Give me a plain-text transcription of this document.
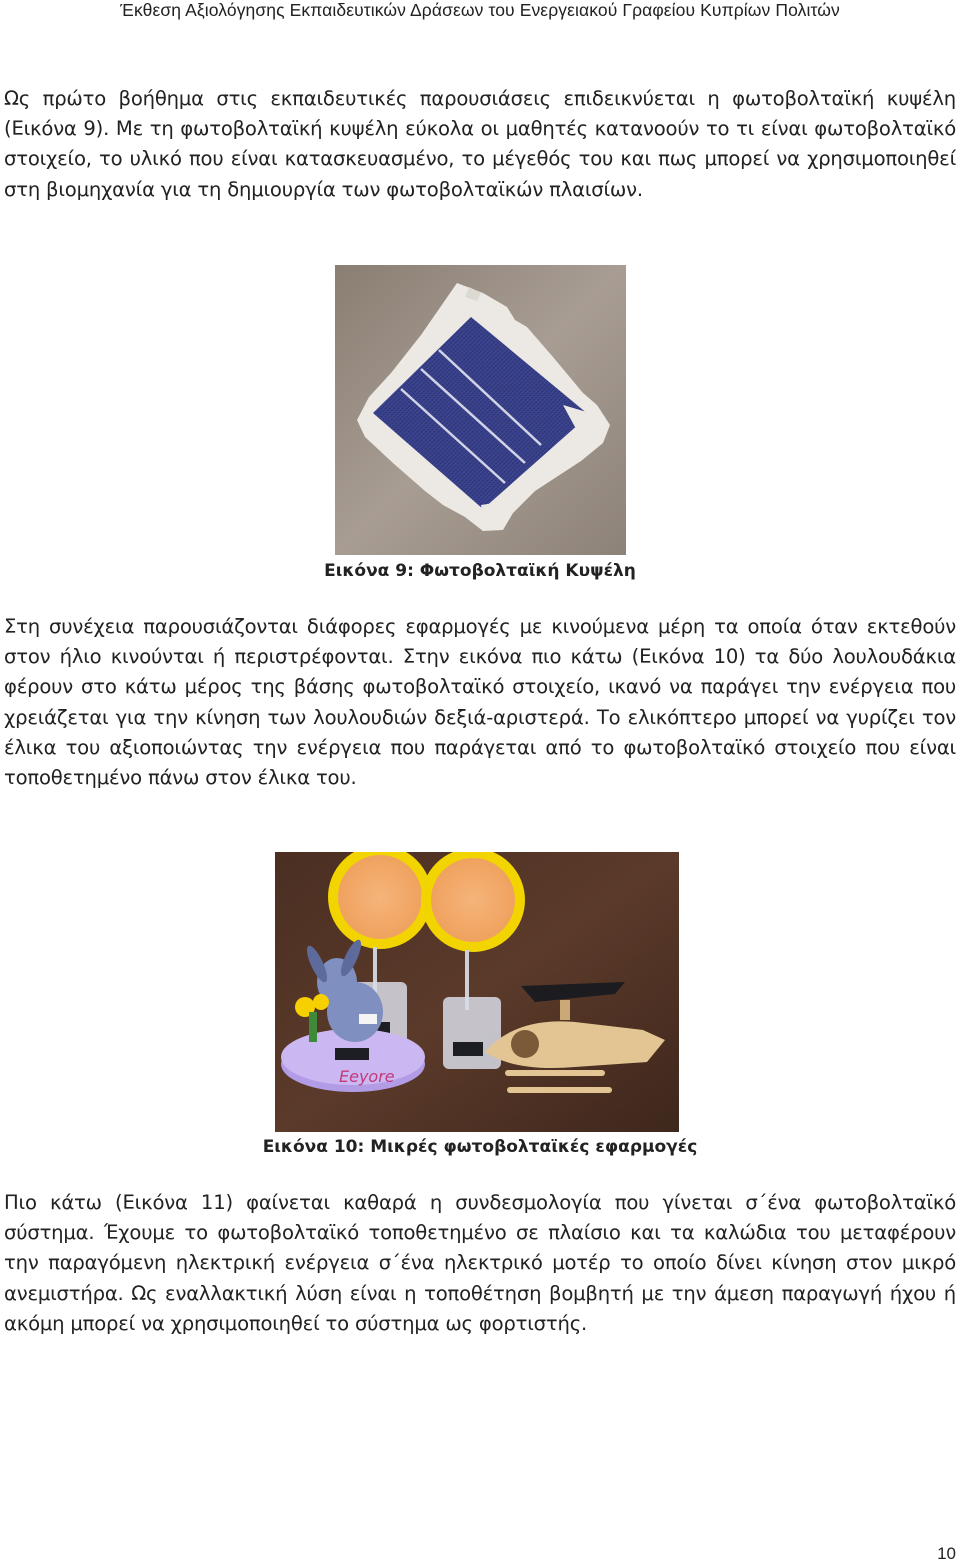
Έκθεση Αξιολόγησης Εκπαιδευτικών Δράσεων του Ενεργειακού Γραφείου Κυπρίων Πολιτών

Ως πρώτο βοήθημα στις εκπαιδευτικές παρουσιάσεις επιδεικνύεται η φωτοβολταϊκή κυψέλη (Εικόνα 9). Με τη φωτοβολταϊκή κυψέλη εύκολα οι μαθητές κατανοούν το τι είναι φωτοβολταϊκό στοιχείο, το υλικό που είναι κατασκευασμένο, το μέγεθός του και πως μπορεί να χρησιμοποιηθεί στη βιομηχανία για τη δημιουργία των φωτοβολταϊκών πλαισίων.

Εικόνα 9: Φωτοβολταϊκή Κυψέλη

Στη συνέχεια παρουσιάζονται διάφορες εφαρμογές με κινούμενα μέρη τα οποία όταν εκτεθούν στον ήλιο κινούνται ή περιστρέφονται. Στην εικόνα πιο κάτω (Εικόνα 10) τα δύο λουλουδάκια φέρουν στο κάτω μέρος της βάσης φωτοβολταϊκό στοιχείο, ικανό να παράγει την ενέργεια που χρειάζεται για την κίνηση των λουλουδιών δεξιά-αριστερά. Το ελικόπτερο μπορεί να γυρίζει τον έλικα του αξιοποιώντας την ενέργεια που παράγεται από το φωτοβολταϊκό στοιχείο που είναι τοποθετημένο πάνω στον έλικα του.

Eeyore
Εικόνα 10: Μικρές φωτοβολταϊκές εφαρμογές

Πιο κάτω (Εικόνα 11) φαίνεται καθαρά η συνδεσμολογία που γίνεται σ΄ένα φωτοβολταϊκό σύστημα. Έχουμε το φωτοβολταϊκό τοποθετημένο σε πλαίσιο και τα καλώδια του μεταφέρουν την παραγόμενη ηλεκτρική ενέργεια σ΄ένα ηλεκτρικό μοτέρ το οποίο δίνει κίνηση στον μικρό ανεμιστήρα. Ως εναλλακτική λύση είναι η τοποθέτηση βομβητή με την άμεση παραγωγή ήχου ή ακόμη μπορεί να χρησιμοποιηθεί το σύστημα ως φορτιστής.

10
